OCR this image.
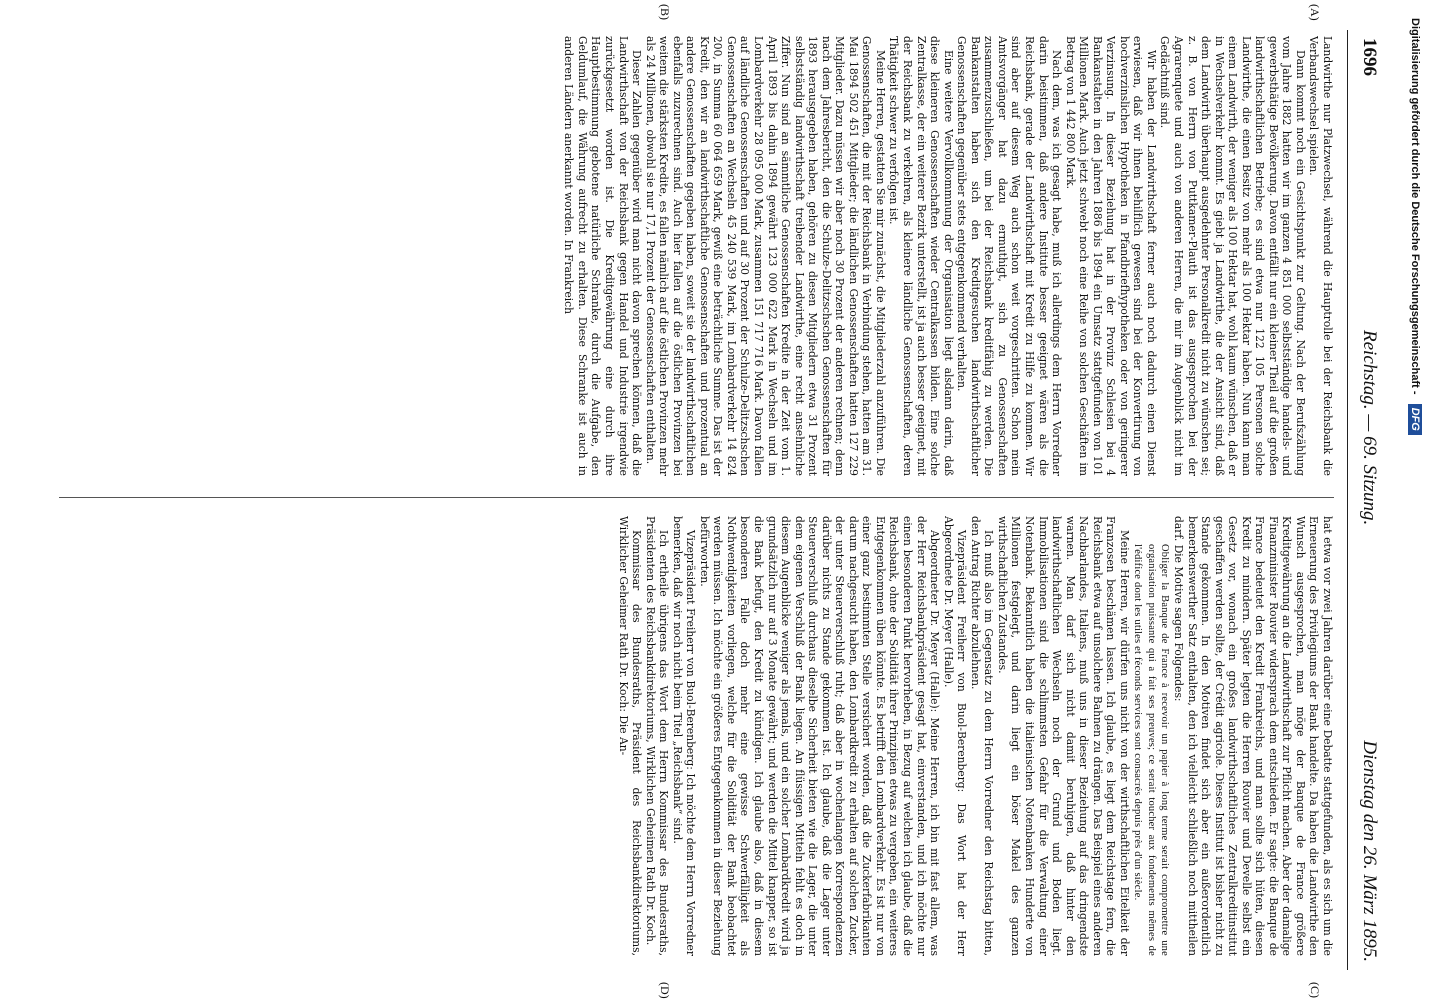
1696
Reichstag. — 69. Sitzung.
Dienstag den 26. März 1895.

Landwirthe nur Platzwechsel, während die Hauptrolle bei der Reichsbank die Verbandswechsel spielen.

Dann kommt noch ein Gesichtspunkt zur Geltung. Nach der Berufszählung vom Jahre 1882 hatten wir im ganzen 4 851 000 selbstständige handels- und gewerbsthätige Bevölkerung. Davon entfällt nur ein kleiner Theil auf die großen landwirthschaftlichen Betriebe; es sind etwa nur 122 105 Personen solche Landwirthe, die einen Besitz von mehr als 100 Hektar haben. Nun kann man einem Landwirth, der weniger als 100 Hektar hat, wohl kaum wünschen, daß er in Wechselverkehr kommt. Es giebt ja Landwirthe, die der Ansicht sind, daß dem Landwirth überhaupt ausgedehnter Personalkredit nicht zu wünschen sei; z. B. von Herrn von Puttkamer-Plauth ist das ausgesprochen bei der Agrarenquete und auch von anderen Herren, die mir im Augenblick nicht im Gedächtniß sind.

Wir haben der Landwirthschaft ferner auch noch dadurch einen Dienst erwiesen, daß wir ihnen behilflich gewesen sind bei der Konvertirung von hochverzinslichen Hypotheken in Pfandbriefhypotheken oder von geringerer Verzinsung. In dieser Beziehung hat in der Provinz Schlesien bei 4 Bankanstalten in den Jahren 1886 bis 1894 ein Umsatz stattgefunden von 101 Millionen Mark. Auch jetzt schwebt noch eine Reihe von solchen Geschäften im Betrag von 1 442 800 Mark.

Nach dem, was ich gesagt habe, muß ich allerdings dem Herrn Vorredner darin beistimmen, daß andere Institute besser geeignet wären als die Reichsbank, gerade der Landwirthschaft mit Kredit zu Hilfe zu kommen. Wir sind aber auf diesem Weg auch schon weit vorgeschritten. Schon mein Amtsvorgänger hat dazu ermuthigt, sich zu Genossenschaften zusammenzuschließen, um bei der Reichsbank kreditfähig zu werden. Die Bankanstalten haben sich den Kreditgesuchen landwirthschaftlicher Genossenschaften gegenüber stets entgegenkommend verhalten.

Eine weitere Vervollkommnung der Organisation liegt alsdann darin, daß diese kleineren Genossenschaften wieder Centralkassen bilden. Eine solche Zentralkasse, der ein weiterer Bezirk unterstellt, ist ja auch besser geeignet, mit der Reichsbank zu verkehren, als kleinere ländliche Genossenschaften, deren Thätigkeit schwer zu verfolgen ist.

Meine Herren, gestatten Sie mir zunächst, die Mitgliederzahl anzuführen. Die Genossenschaften, die mit der Reichsbank in Verbindung stehen, hatten am 31. Mai 1894 502 451 Mitglieder; die ländlichen Genossenschaften hatten 127 229 Mitglieder. Dazu müssen wir aber noch 30 Prozent der anderen rechnen; denn nach dem Jahresbericht, den die Schulze-Delitzschschen Genossenschaften für 1893 herausgegeben haben, gehören zu diesen Mitgliedern etwa 31 Prozent selbstständig landwirthschaft treibender Landwirthe, eine recht ansehnliche Ziffer. Nun sind an sämmtliche Genossenschaften Kredite in der Zeit vom 1. April 1893 bis dahin 1894 gewährt 123 000 622 Mark in Wechseln und im Lombardverkehr 28 095 000 Mark, zusammen 151 717 716 Mark. Davon fallen auf ländliche Genossenschaften und auf 30 Prozent der Schulze-Delitzschschen Genossenschaften an Wechseln 45 240 539 Mark, im Lombardverkehr 14 824 200, in Summa 60 064 659 Mark, gewiß eine beträchtliche Summe. Das ist der Kredit, den wir an landwirthschaftliche Genossenschaften und prozentual an andere Genossenschaften gegeben haben, soweit sie der landwirthschaftlichen ebenfalls zuzurechnen sind. Auch hier fallen auf die östlichen Provinzen bei weitem die stärksten Kredite, es fallen nämlich auf die östlichen Provinzen mehr als 24 Millionen, obwohl sie nur 17,1 Prozent der Genossenschaften enthalten.

Dieser Zahlen gegenüber wird man nicht davon sprechen können, daß die Landwirthschaft von der Reichsbank gegen Handel und Industrie irgendwie zurückgesetzt worden ist. Die Kreditgewährung eine durch ihre Hauptbestimmung gebotene natürliche Schranke, durch die Aufgabe, den Geldumlauf, die Währung aufrecht zu erhalten. Diese Schranke ist auch in anderen Ländern anerkannt worden. In Frankreich

hat etwa vor zwei Jahren darüber eine Debatte stattgefunden, als es sich um die Erneuerung des Privilegiums der Bank handelte. Da haben die Landwirthe den Wunsch ausgesprochen, man möge der Banque de France größere Kreditgewährung an die Landwirthschaft zur Pflicht machen. Aber der damalige Finanzminister Rouvier widersprach dem entschieden. Er sagte: die Banque de France bedeutet den Kredit Frankreichs, und man sollte sich hüten, diesen Kredit zu mindern. Später legten die Herren Rouvier und Develle selbst ein Gesetz vor, wonach ein großes landwirthschaftliches Zentralkreditinstitut geschaffen werden sollte, der Crédit agricole. Dieses Institut ist bisher nicht zu Stande gekommen. In den Motiven findet sich aber ein außerordentlich bemerkenswerther Satz enthalten, den ich vielleicht schließlich noch mittheilen darf. Die Motive sagen Folgendes:

Obliger la Banque de France à recevoir un papier à long terme serait compromettre une organisation puissante qui a fait ses preuves; ce serait toucher aux fondements mêmes de l'édifice dont les utiles et féconds services sont consacrés depuis près d'un siècle.

Meine Herren, wir dürfen uns nicht von der wirthschaftlichen Eitelkeit der Franzosen beschämen lassen. Ich glaube, es liegt dem Reichstage fern, die Reichsbank etwa auf unsolchere Bahnen zu drängen. Das Beispiel eines anderen Nachbarlandes, Italiens, muß uns in dieser Beziehung auf das dringendste warnen. Man darf sich nicht damit beruhigen, daß hinter den landwirthschaftlichen Wechseln noch der Grund und Boden liegt. Immobilisationen sind die schlimmsten Gefahr für die Verwaltung einer Notenbank. Bekanntlich haben die italienischen Notenbanken Hunderte von Millionen festgelegt, und darin liegt ein böser Makel des ganzen wirthschaftlichen Zustandes.

Ich muß also im Gegensatz zu dem Herrn Vorredner den Reichstag bitten, den Antrag Richter abzulehnen.

Vizepräsident Freiherr von Buol-Berenberg: Das Wort hat der Herr Abgeordnete Dr. Meyer (Halle).

Abgeordneter Dr. Meyer (Halle): Meine Herren, ich bin mit fast allem, was der Herr Reichsbankpräsident gesagt hat, einverstanden, und ich möchte nur einen besonderen Punkt hervorheben, in Bezug auf welchen ich glaube, daß die Reichsbank, ohne der Solidität ihrer Prinzipien etwas zu vergeben, ein weiteres Entgegenkommen üben könnte. Es betrifft den Lombardverkehr. Es ist nur von einer ganz bestimmten Stelle versichert worden, daß die Zuckerfabrikanten darum nachgesucht haben, den Lombardkredit zu erhalten auf solchen Zucker, der unter Steuerverschluß ruht; daß aber in wochenlangen Korrespondenzen darüber nichts zu Stande gekommen ist. Ich glaube, daß die Lager unter Steuerverschluß durchaus dieselbe Sicherheit bieten wie die Lager, die unter dem eigenen Verschluß der Bank liegen. An flüssigen Mitteln fehlt es doch in diesem Augenblicke weniger als jemals, und ein solcher Lombardkredit wird ja grundsätzlich nur auf 3 Monate gewährt; und werden die Mittel knapper, so ist die Bank befugt, den Kredit zu kündigen. Ich glaube also, daß in diesem besonderen Falle doch mehr eine gewisse Schwerfälligkeit als Nothwendigkeiten vorliegen, welche für die Solidität der Bank beobachtet werden müssen. Ich möchte ein größeres Entgegenkommen in dieser Beziehung befürworten.

Vizepräsident Freiherr von Buol-Berenberg: Ich möchte dem Herrn Vorredner bemerken, daß wir noch nicht beim Titel „Reichsbank“ sind.

Ich ertheile übrigens das Wort dem Herrn Kommissar des Bundesraths, Präsidenten des Reichsbankdirektoriums, Wirklichen Geheimen Rath Dr. Koch.

Kommissar des Bundesraths, Präsident des Reichsbankdirektoriums, Wirklicher Geheimer Rath Dr. Koch: Die An-

(A)
(B)
(C)
(D)
Digitalisierung gefördert durch die Deutsche Forschungsgemeinschaft - DFG
